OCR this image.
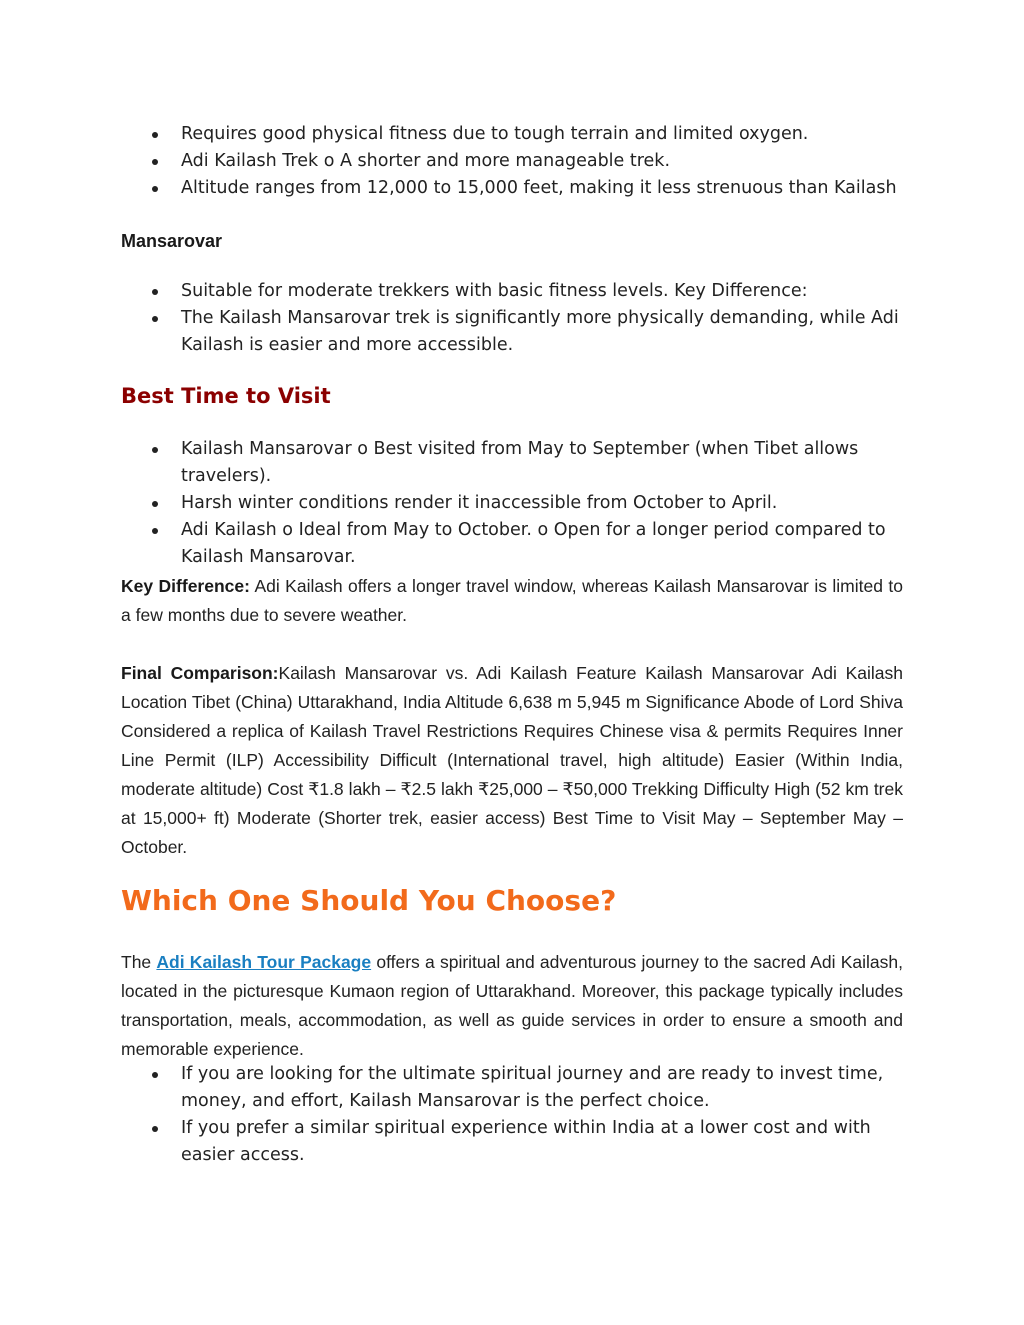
Requires good physical fitness due to tough terrain and limited oxygen.
Adi Kailash Trek o A shorter and more manageable trek.
Altitude ranges from 12,000 to 15,000 feet, making it less strenuous than Kailash

Mansarovar

Suitable for moderate trekkers with basic fitness levels. Key Difference:
The Kailash Mansarovar trek is significantly more physically demanding, while Adi Kailash is easier and more accessible.

Best Time to Visit

Kailash Mansarovar o Best visited from May to September (when Tibet allows travelers).
Harsh winter conditions render it inaccessible from October to April.
Adi Kailash o Ideal from May to October. o Open for a longer period compared to Kailash Mansarovar.

Key Difference: Adi Kailash offers a longer travel window, whereas Kailash Mansarovar is limited to a few months due to severe weather.

Final Comparison:Kailash Mansarovar vs. Adi Kailash Feature Kailash Mansarovar Adi Kailash Location Tibet (China) Uttarakhand, India Altitude 6,638 m 5,945 m Significance Abode of Lord Shiva Considered a replica of Kailash Travel Restrictions Requires Chinese visa & permits Requires Inner Line Permit (ILP) Accessibility Difficult (International travel, high altitude) Easier (Within India, moderate altitude) Cost ₹1.8 lakh – ₹2.5 lakh ₹25,000 – ₹50,000 Trekking Difficulty High (52 km trek at 15,000+ ft) Moderate (Shorter trek, easier access) Best Time to Visit May – September May – October.

Which One Should You Choose?

The Adi Kailash Tour Package offers a spiritual and adventurous journey to the sacred Adi Kailash, located in the picturesque Kumaon region of Uttarakhand. Moreover, this package typically includes transportation, meals, accommodation, as well as guide services in order to ensure a smooth and memorable experience.

If you are looking for the ultimate spiritual journey and are ready to invest time, money, and effort, Kailash Mansarovar is the perfect choice.
If you prefer a similar spiritual experience within India at a lower cost and with easier access.
